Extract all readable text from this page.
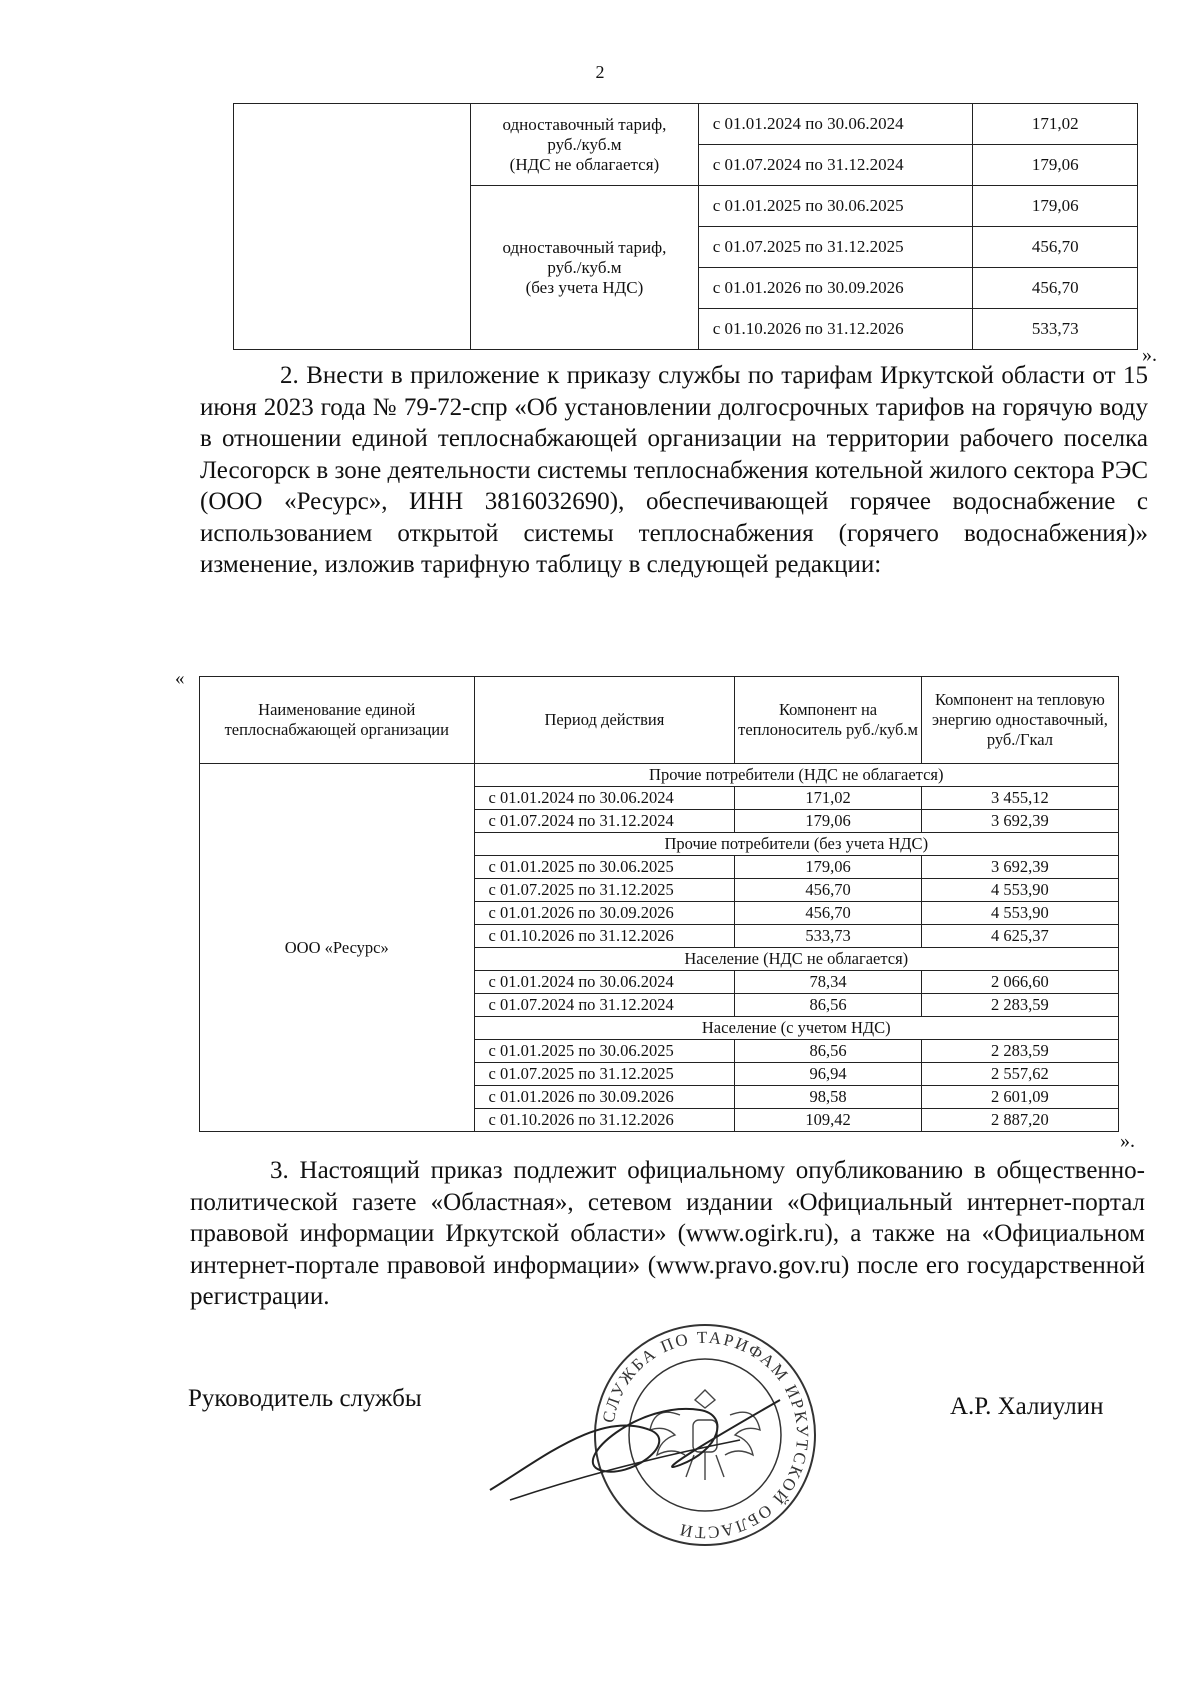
2

	одноставочный тариф,
руб./куб.м
(НДС не облагается)	с 01.01.2024 по 30.06.2024	171,02
		с 01.07.2024 по 31.12.2024	179,06

	одноставочный тариф,
руб./куб.м
(без учета НДС)	с 01.01.2025 по 30.06.2025	179,06
		с 01.07.2025 по 31.12.2025	456,70
		с 01.01.2026 по 30.09.2026	456,70
		с 01.10.2026 по 31.12.2026	533,73
».
2. Внести в приложение к приказу службы по тарифам Иркутской области от 15 июня 2023 года № 79-72-спр «Об установлении долгосрочных тарифов на горячую воду в отношении единой теплоснабжающей организации на территории рабочего поселка Лесогорск в зоне деятельности системы теплоснабжения котельной жилого сектора РЭС (ООО «Ресурс», ИНН 3816032690), обеспечивающей горячее водоснабжение с использованием открытой системы теплоснабжения (горячего водоснабжения)» изменение, изложив тарифную таблицу в следующей редакции:
«
Наименование единой теплоснабжающей организации	Период действия	Компонент на теплоноситель руб./куб.м	Компонент на тепловую энергию одноставочный, руб./Гкал
ООО «Ресурс»	Прочие потребители (НДС не облагается)		
	с 01.01.2024 по 30.06.2024	171,02	3 455,12
	с 01.07.2024 по 31.12.2024	179,06	3 692,39
	Прочие потребители (без учета НДС)		
	с 01.01.2025 по 30.06.2025	179,06	3 692,39
	с 01.07.2025 по 31.12.2025	456,70	4 553,90
	с 01.01.2026 по 30.09.2026	456,70	4 553,90
	с 01.10.2026 по 31.12.2026	533,73	4 625,37
	Население (НДС не облагается)		
	с 01.01.2024 по 30.06.2024	78,34	2 066,60
	с 01.07.2024 по 31.12.2024	86,56	2 283,59
	Население (с учетом НДС)		
	с 01.01.2025 по 30.06.2025	86,56	2 283,59
	с 01.07.2025 по 31.12.2025	96,94	2 557,62
	с 01.01.2026 по 30.09.2026	98,58	2 601,09
	с 01.10.2026 по 31.12.2026	109,42	2 887,20
».
3. Настоящий приказ подлежит официальному опубликованию в общественно-политической газете «Областная», сетевом издании «Официальный интернет-портал правовой информации Иркутской области» (www.ogirk.ru), а также на «Официальном интернет-портале правовой информации» (www.pravo.gov.ru) после его государственной регистрации.
Руководитель службы	А.Р. Халиулин
СЛУЖБА ПО ТАРИФАМ ИРКУТСКОЙ ОБЛАСТИ
